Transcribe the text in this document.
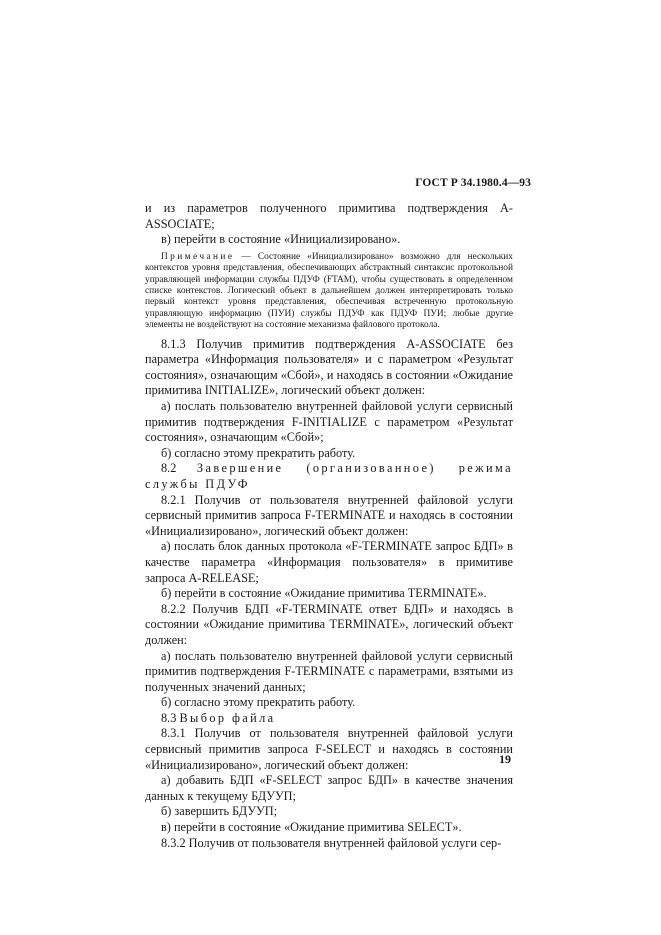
ГОСТ Р 34.1980.4—93

и из параметров полученного примитива подтверждения A-ASSOCIATE;

в) перейти в состояние «Инициализировано».

Примечание — Состояние «Инициализировано» возможно для нескольких контекстов уровня представления, обеспечивающих абстрактный синтаксис протокольной управляющей информации службы ПДУФ (FTAM), чтобы существовать в определенном списке контекстов. Логический объект в дальнейшем должен интерпретировать только первый контекст уровня представления, обеспечивая встреченную протокольную управляющую информацию (ПУИ) службы ПДУФ как ПДУФ ПУИ; любые другие элементы не воздействуют на состояние механизма файлового протокола.

8.1.3 Получив примитив подтверждения A-ASSOCIATE без параметра «Информация пользователя» и с параметром «Результат состояния», означающим «Сбой», и находясь в состоянии «Ожидание примитива INITIALIZE», логический объект должен:

а) послать пользователю внутренней файловой услуги сервисный примитив подтверждения F-INITIALIZE с параметром «Результат состояния», означающим «Сбой»;

б) согласно этому прекратить работу.

8.2 Завершение (организованное) режима службы ПДУФ

8.2.1 Получив от пользователя внутренней файловой услуги сервисный примитив запроса F-TERMINATE и находясь в состоянии «Инициализировано», логический объект должен:

а) послать блок данных протокола «F-TERMINATE запрос БДП» в качестве параметра «Информация пользователя» в примитиве запроса A-RELEASE;

б) перейти в состояние «Ожидание примитива TERMINATE».

8.2.2 Получив БДП «F-TERMINATE ответ БДП» и находясь в состоянии «Ожидание примитива TERMINATE», логический объект должен:

а) послать пользователю внутренней файловой услуги сервисный примитив подтверждения F-TERMINATE с параметрами, взятыми из полученных значений данных;

б) согласно этому прекратить работу.

8.3 Выбор файла

8.3.1 Получив от пользователя внутренней файловой услуги сервисный примитив запроса F-SELECT и находясь в состоянии «Инициализировано», логический объект должен:

а) добавить БДП «F-SELECT запрос БДП» в качестве значения данных к текущему БДУУП;

б) завершить БДУУП;

в) перейти в состояние «Ожидание примитива SELECT».

8.3.2 Получив от пользователя внутренней файловой услуги сер-

19
